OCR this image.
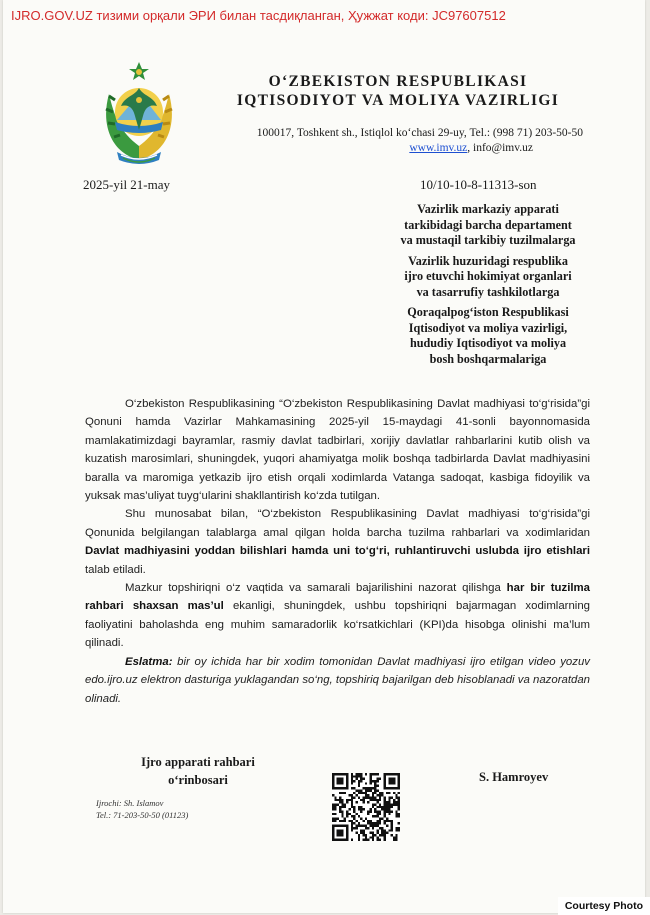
IJRO.GOV.UZ тизими орқали ЭРИ билан тасдиқланган, Ҳужжат коди: JC97607512
O‘ZBEKISTON RESPUBLIKASI
IQTISODIYOT VA MOLIYA VAZIRLIGI
100017, Toshkent sh., Istiqlol ko‘chasi 29-uy, Tel.: (998 71) 203-50-50
www.imv.uz, info@imv.uz
2025-yil 21-may	10/10-10-8-11313-son
Vazirlik markaziy apparati
tarkibidagi barcha departament
va mustaqil tarkibiy tuzilmalarga
Vazirlik huzuridagi respublika
ijro etuvchi hokimiyat organlari
va tasarrufiy tashkilotlarga
Qoraqalpog‘iston Respublikasi
Iqtisodiyot va moliya vazirligi,
hududiy Iqtisodiyot va moliya
bosh boshqarmalariga

O‘zbekiston Respublikasining “O‘zbekiston Respublikasining Davlat madhiyasi to‘g‘risida”gi Qonuni hamda Vazirlar Mahkamasining 2025-yil 15-maydagi 41-sonli bayonnomasida mamlakatimizdagi bayramlar, rasmiy davlat tadbirlari, xorijiy davlatlar rahbarlarini kutib olish va kuzatish marosimlari, shuningdek, yuqori ahamiyatga molik boshqa tadbirlarda Davlat madhiyasini baralla va maromiga yetkazib ijro etish orqali xodimlarda Vatanga sadoqat, kasbiga fidoyilik va yuksak mas’uliyat tuyg‘ularini shakllantirish ko‘zda tutilgan.

Shu munosabat bilan, “O‘zbekiston Respublikasining Davlat madhiyasi to‘g‘risida”gi Qonunida belgilangan talablarga amal qilgan holda barcha tuzilma rahbarlari va xodimlaridan Davlat madhiyasini yoddan bilishlari hamda uni to‘g‘ri, ruhlantiruvchi uslubda ijro etishlari talab etiladi.

Mazkur topshiriqni o‘z vaqtida va samarali bajarilishini nazorat qilishga har bir tuzilma rahbari shaxsan mas’ul ekanligi, shuningdek, ushbu topshiriqni bajarmagan xodimlarning faoliyatini baholashda eng muhim samaradorlik ko‘rsatkichlari (KPI)da hisobga olinishi ma’lum qilinadi.

Eslatma: bir oy ichida har bir xodim tomonidan Davlat madhiyasi ijro etilgan video yozuv edo.ijro.uz elektron dasturiga yuklagandan so‘ng, topshiriq bajarilgan deb hisoblanadi va nazoratdan olinadi.

Ijro apparati rahbari
o‘rinbosari	S. Hamroyev
Ijrochi: Sh. Islamov
Tel.: 71-203-50-50 (01123)
Courtesy Photo
